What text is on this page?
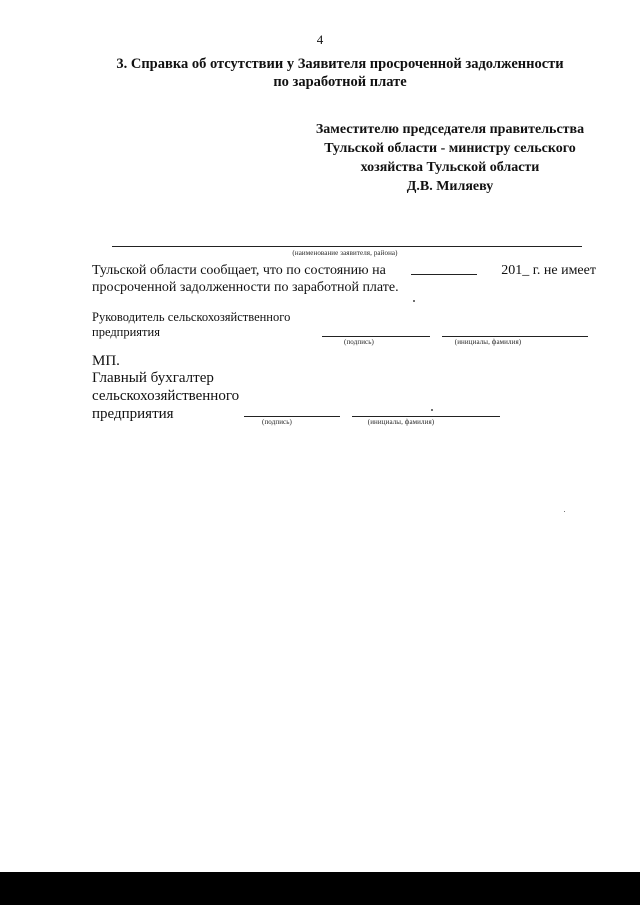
4
3. Справка об отсутствии у Заявителя просроченной задолженности
по заработной плате
Заместителю председателя правительства
Тульской области - министру сельского
хозяйства Тульской области
Д.В. Миляеву
(наименование заявителя, района)
Тульской области сообщает, что по состоянию на	201_ г. не имеет
просроченной задолженности по заработной плате.
Руководитель сельскохозяйственного
предприятия
(подпись)	(инициалы, фамилия)
МП.
Главный бухгалтер
сельскохозяйственного
предприятия	(подпись)	(инициалы, фамилия)
